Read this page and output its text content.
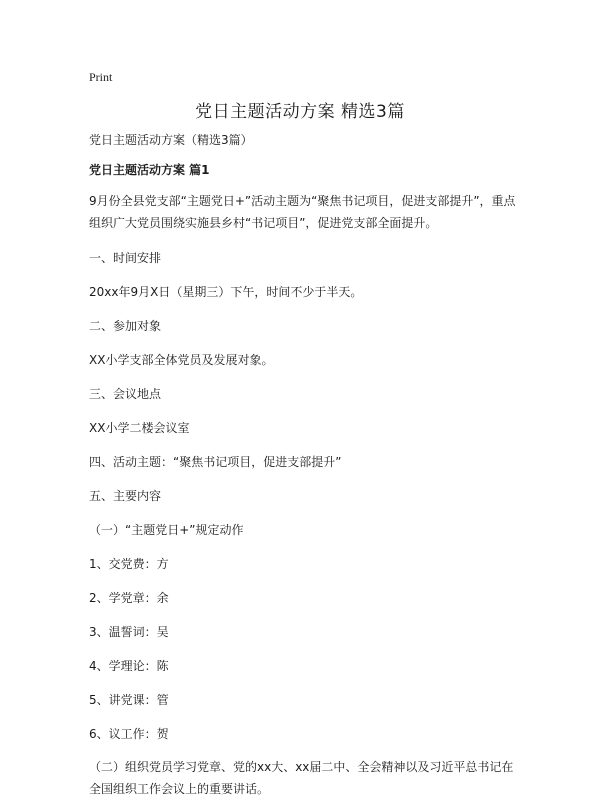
Print
党日主题活动方案 精选3篇

党日主题活动方案（精选3篇）

党日主题活动方案 篇1

9月份全县党支部“主题党日+”活动主题为“聚焦书记项目，促进支部提升”，重点组织广大党员围绕实施县乡村“书记项目”，促进党支部全面提升。

一、时间安排

20xx年9月X日（星期三）下午，时间不少于半天。

二、参加对象

XX小学支部全体党员及发展对象。

三、会议地点

XX小学二楼会议室

四、活动主题：“聚焦书记项目，促进支部提升”

五、主要内容

（一）“主题党日+”规定动作

1、交党费：方

2、学党章：余

3、温誓词：吴

4、学理论：陈

5、讲党课：管

6、议工作：贺

（二）组织党员学习党章、党的xx大、xx届二中、全会精神以及习近平总书记在全国组织工作会议上的重要讲话。
